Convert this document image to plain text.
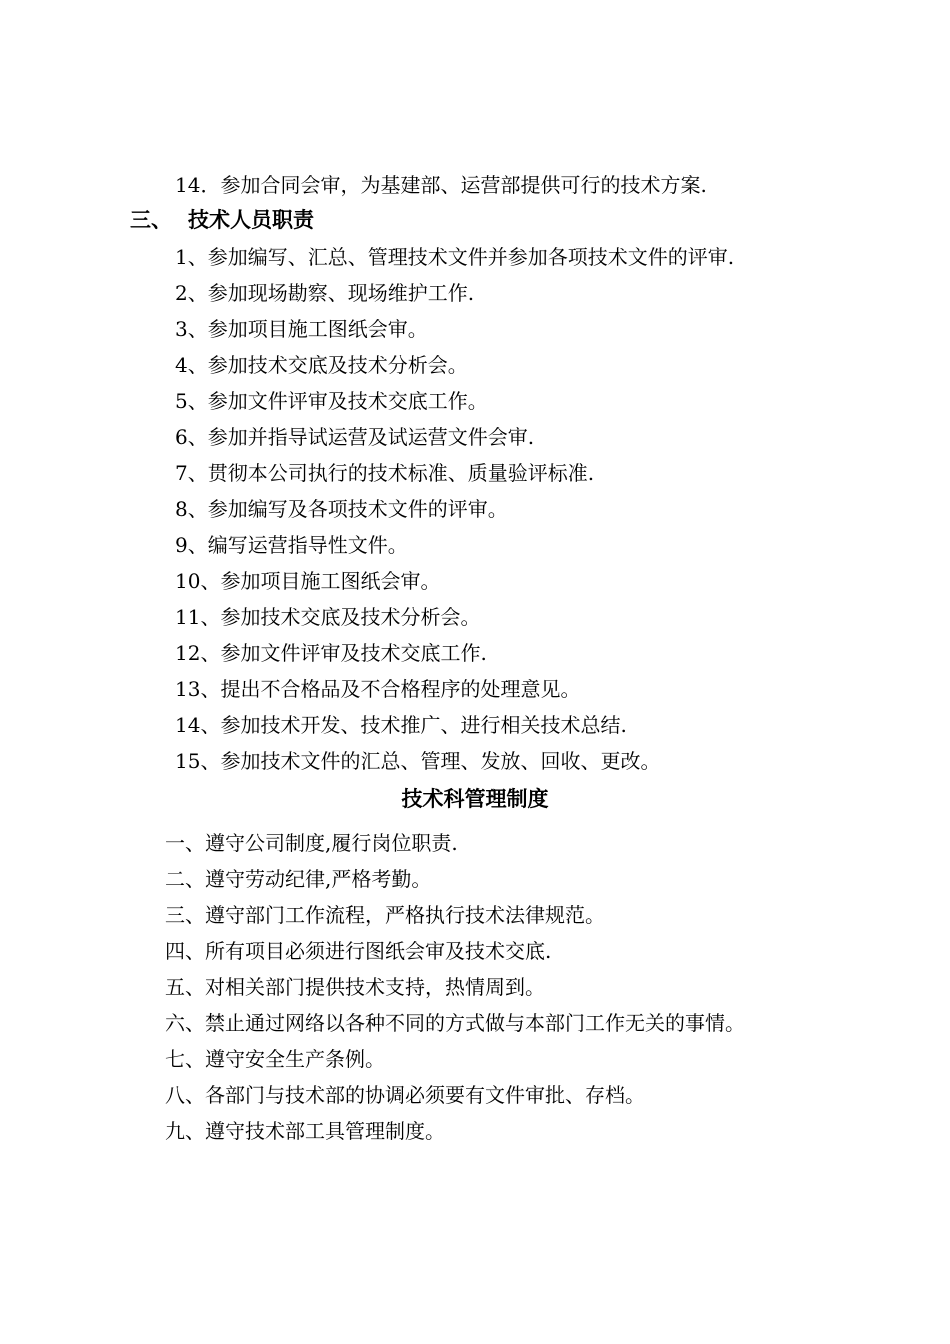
14．参加合同会审，为基建部、运营部提供可行的技术方案.
三、 技术人员职责
1、参加编写、汇总、管理技术文件并参加各项技术文件的评审.
2、参加现场勘察、现场维护工作.
3、参加项目施工图纸会审。
4、参加技术交底及技术分析会。
5、参加文件评审及技术交底工作。
6、参加并指导试运营及试运营文件会审.
7、贯彻本公司执行的技术标准、质量验评标准.
8、参加编写及各项技术文件的评审。
9、编写运营指导性文件。
10、参加项目施工图纸会审。
11、参加技术交底及技术分析会。
12、参加文件评审及技术交底工作.
13、提出不合格品及不合格程序的处理意见。
14、参加技术开发、技术推广、进行相关技术总结.
15、参加技术文件的汇总、管理、发放、回收、更改。
技术科管理制度
一、遵守公司制度,履行岗位职责.
二、遵守劳动纪律,严格考勤。
三、遵守部门工作流程，严格执行技术法律规范。
四、所有项目必须进行图纸会审及技术交底.
五、对相关部门提供技术支持，热情周到。
六、禁止通过网络以各种不同的方式做与本部门工作无关的事情。
七、遵守安全生产条例。
八、各部门与技术部的协调必须要有文件审批、存档。
九、遵守技术部工具管理制度。
